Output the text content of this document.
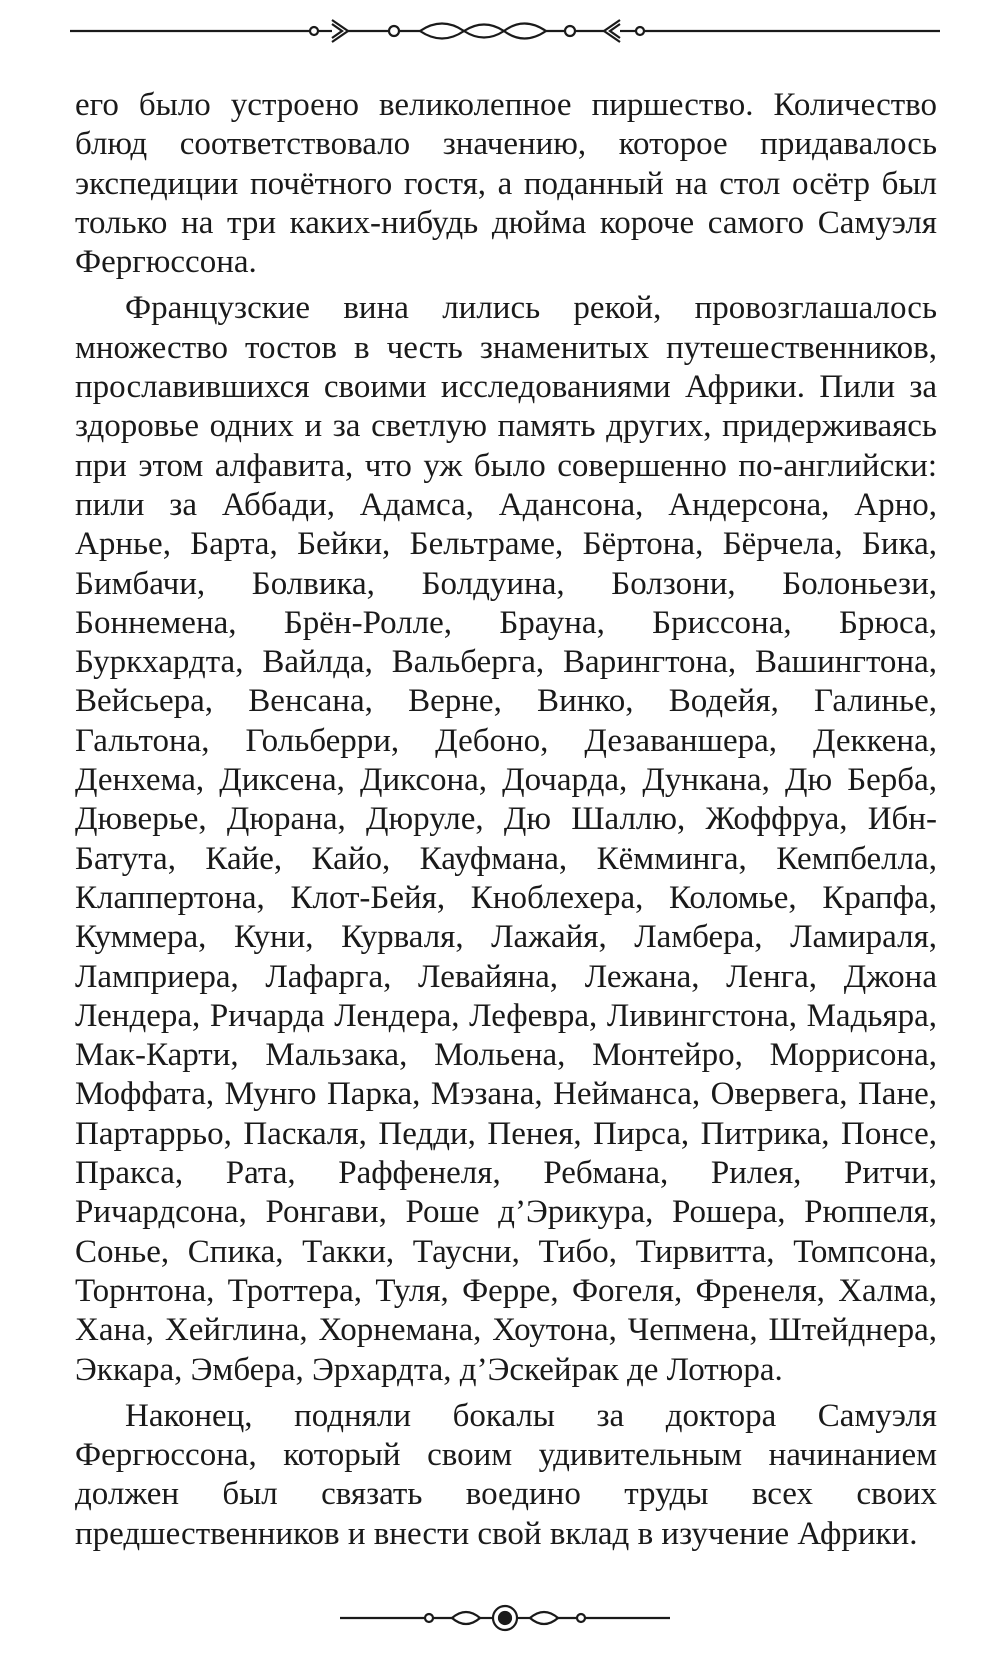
его было устроено великолепное пиршество. Количество блюд соответствовало значению, которое придавалось экспедиции почётного гостя, а поданный на стол осётр был только на три каких-нибудь дюйма короче самого Самуэля Фергюссона.

Французские вина лились рекой, провозглашалось множество тостов в честь знаменитых путешественников, прославившихся своими исследованиями Африки. Пили за здоровье одних и за светлую память других, придерживаясь при этом алфавита, что уж было совершенно по-английски: пили за Аббади, Адамса, Адансона, Андерсона, Арно, Арнье, Барта, Бейки, Бельтраме, Бёртона, Бёрчела, Бика, Бимбачи, Болвика, Болдуина, Болзони, Болоньези, Боннемена, Брён-Ролле, Брауна, Бриссона, Брюса, Буркхардта, Вайлда, Вальберга, Варингтона, Вашингтона, Вейсьера, Венсана, Верне, Винко, Водейя, Галинье, Гальтона, Гольберри, Дебоно, Дезаваншера, Деккена, Денхема, Диксена, Диксона, Дочарда, Дункана, Дю Берба, Дюверье, Дюрана, Дюруле, Дю Шаллю, Жоффруа, Ибн-Батута, Кайе, Кайо, Кауфмана, Кёмминга, Кемпбелла, Клаппертона, Клот-Бейя, Кноблехера, Коломье, Крапфа, Куммера, Куни, Курваля, Лажайя, Ламбера, Ламираля, Ламприера, Лафарга, Левайяна, Лежана, Ленга, Джона Лендера, Ричарда Лендера, Лефевра, Ливингстона, Мадьяра, Мак-Карти, Мальзака, Мольена, Монтейро, Моррисона, Моффата, Мунго Парка, Мэзана, Нейманса, Овервега, Пане, Партаррьо, Паскаля, Педди, Пенея, Пирса, Питрика, Понсе, Пракса, Рата, Раффенеля, Ребмана, Рилея, Ритчи, Ричардсона, Ронгави, Роше д’Эрикура, Рошера, Рюппеля, Сонье, Спика, Такки, Таусни, Тибо, Тирвитта, Томпсона, Торнтона, Троттера, Туля, Ферре, Фогеля, Френеля, Халма, Хана, Хейглина, Хорнемана, Хоутона, Чепмена, Штейднера, Эккара, Эмбера, Эрхардта, д’Эскейрак де Лотюра.

Наконец, подняли бокалы за доктора Самуэля Фергюссона, который своим удивительным начинанием должен был связать воедино труды всех своих предшественников и внести свой вклад в изучение Африки.
